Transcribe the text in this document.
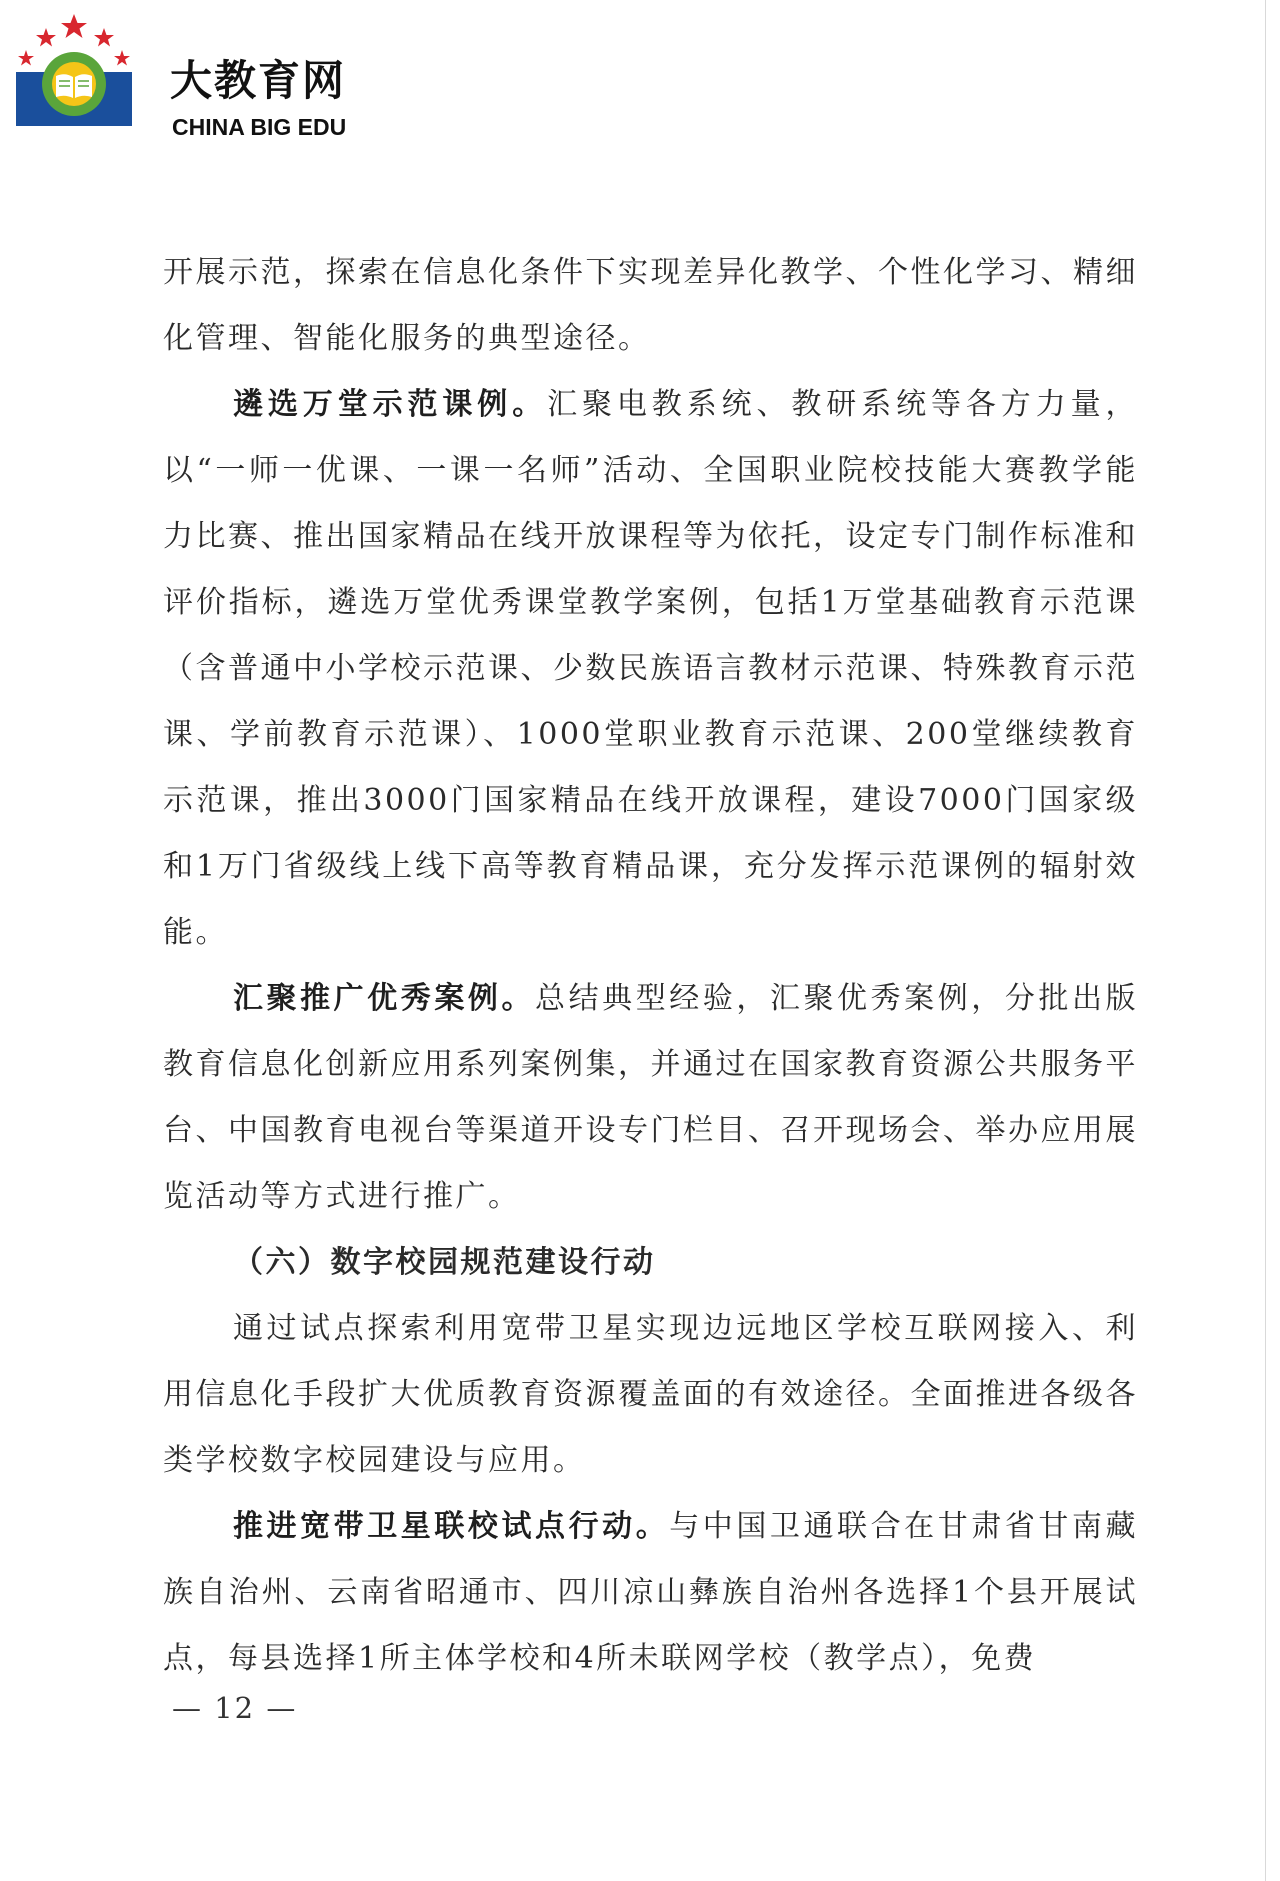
大教育网
CHINA BIG EDU

开展示范，探索在信息化条件下实现差异化教学、个性化学习、精细化管理、智能化服务的典型途径。

遴选万堂示范课例。汇聚电教系统、教研系统等各方力量，以“一师一优课、一课一名师”活动、全国职业院校技能大赛教学能力比赛、推出国家精品在线开放课程等为依托，设定专门制作标准和评价指标，遴选万堂优秀课堂教学案例，包括1万堂基础教育示范课（含普通中小学校示范课、少数民族语言教材示范课、特殊教育示范课、学前教育示范课）、1000堂职业教育示范课、200堂继续教育示范课，推出3000门国家精品在线开放课程，建设7000门国家级和1万门省级线上线下高等教育精品课，充分发挥示范课例的辐射效能。

汇聚推广优秀案例。总结典型经验，汇聚优秀案例，分批出版教育信息化创新应用系列案例集，并通过在国家教育资源公共服务平台、中国教育电视台等渠道开设专门栏目、召开现场会、举办应用展览活动等方式进行推广。

（六）数字校园规范建设行动

通过试点探索利用宽带卫星实现边远地区学校互联网接入、利用信息化手段扩大优质教育资源覆盖面的有效途径。全面推进各级各类学校数字校园建设与应用。

推进宽带卫星联校试点行动。与中国卫通联合在甘肃省甘南藏族自治州、云南省昭通市、四川凉山彝族自治州各选择1个县开展试点，每县选择1所主体学校和4所未联网学校（教学点），免费

— 12 —
